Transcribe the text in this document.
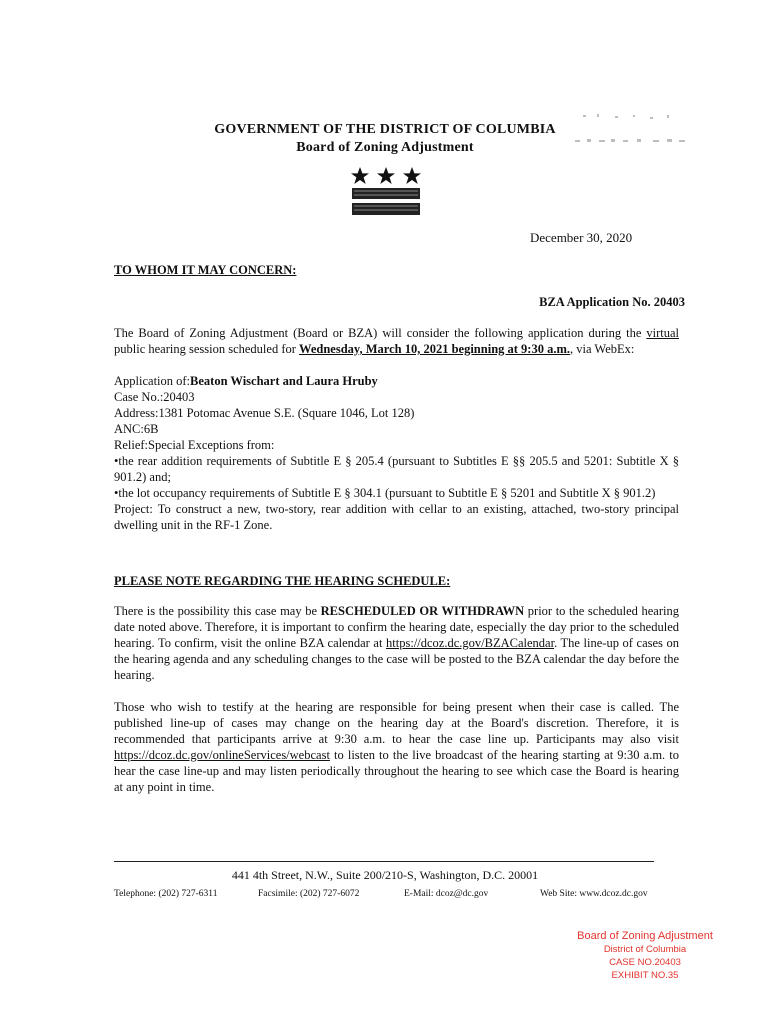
GOVERNMENT OF THE DISTRICT OF COLUMBIA
Board of Zoning Adjustment
December 30, 2020
TO WHOM IT MAY CONCERN:
BZA Application No. 20403
The Board of Zoning Adjustment (Board or BZA) will consider the following application during the virtual public hearing session scheduled for Wednesday, March 10, 2021 beginning at 9:30 a.m., via WebEx:
Application of:Beaton Wischart and Laura Hruby
Case No.:20403
Address:1381 Potomac Avenue S.E. (Square 1046, Lot 128)
ANC:6B
Relief:Special Exceptions from:
•the rear addition requirements of Subtitle E § 205.4 (pursuant to Subtitles E §§ 205.5 and 5201: Subtitle X § 901.2) and;
•the lot occupancy requirements of Subtitle E § 304.1 (pursuant to Subtitle E § 5201 and Subtitle X § 901.2)
Project: To construct a new, two-story, rear addition with cellar to an existing, attached, two-story principal dwelling unit in the RF-1 Zone.
PLEASE NOTE REGARDING THE HEARING SCHEDULE:
There is the possibility this case may be RESCHEDULED OR WITHDRAWN prior to the scheduled hearing date noted above. Therefore, it is important to confirm the hearing date, especially the day prior to the scheduled hearing. To confirm, visit the online BZA calendar at https://dcoz.dc.gov/BZACalendar. The line-up of cases on the hearing agenda and any scheduling changes to the case will be posted to the BZA calendar the day before the hearing.
Those who wish to testify at the hearing are responsible for being present when their case is called. The published line-up of cases may change on the hearing day at the Board's discretion. Therefore, it is recommended that participants arrive at 9:30 a.m. to hear the case line up. Participants may also visit https://dcoz.dc.gov/onlineServices/webcast to listen to the live broadcast of the hearing starting at 9:30 a.m. to hear the case line-up and may listen periodically throughout the hearing to see which case the Board is hearing at any point in time.
441 4th Street, N.W., Suite 200/210-S, Washington, D.C. 20001
Telephone: (202) 727-6311	Facsimile: (202) 727-6072	E-Mail: dcoz@dc.gov	Web Site: www.dcoz.dc.gov
Board of Zoning Adjustment
District of Columbia
CASE NO.20403
EXHIBIT NO.35
